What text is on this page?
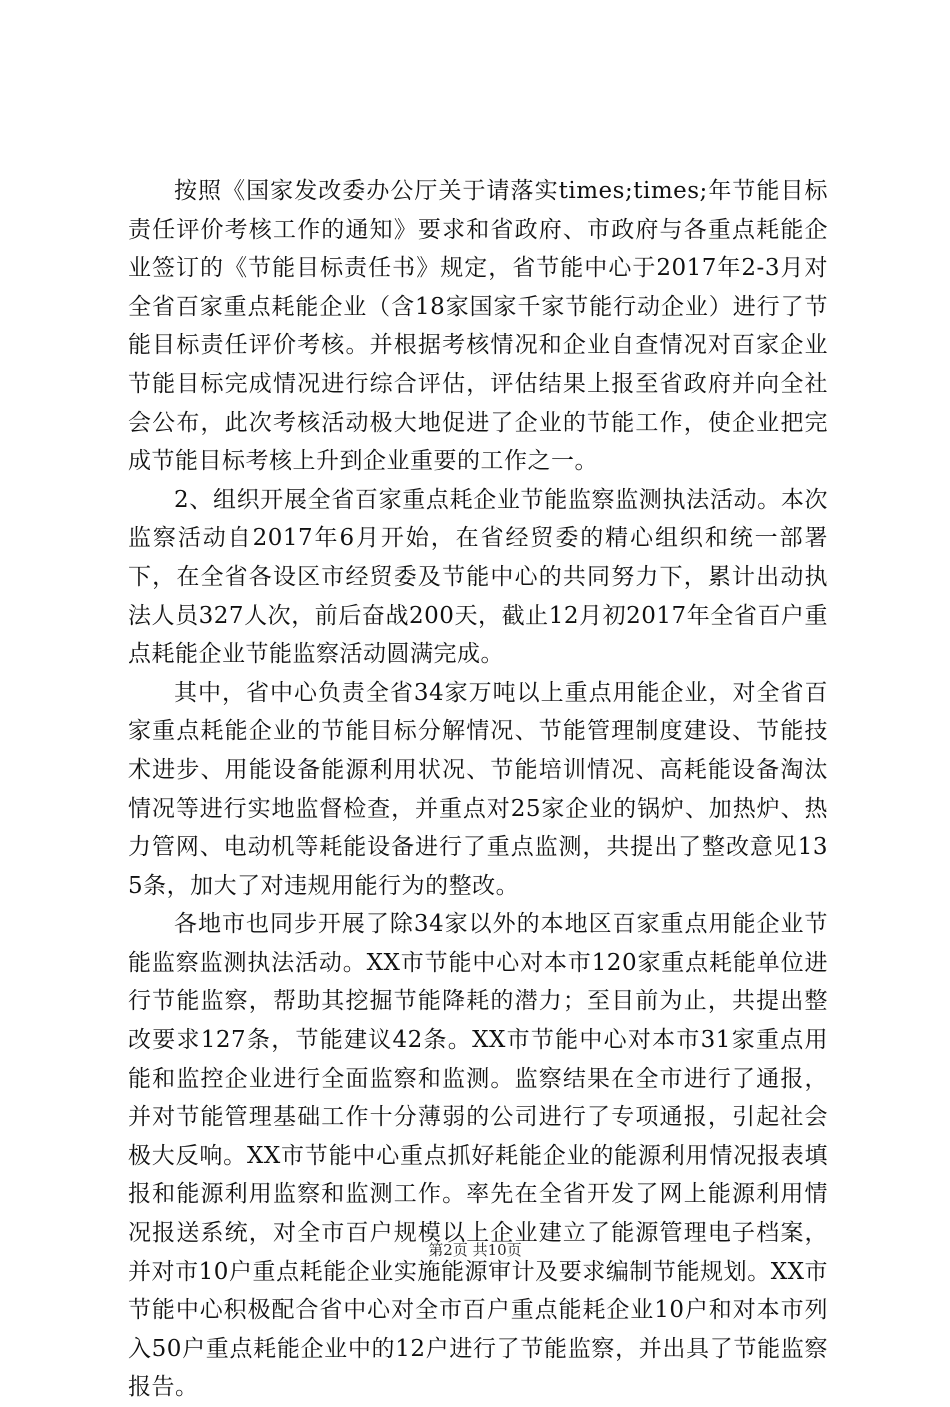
按照《国家发改委办公厅关于请落实times;times;年节能目标责任评价考核工作的通知》要求和省政府、市政府与各重点耗能企业签订的《节能目标责任书》规定，省节能中心于2017年2-3月对全省百家重点耗能企业（含18家国家千家节能行动企业）进行了节能目标责任评价考核。并根据考核情况和企业自查情况对百家企业节能目标完成情况进行综合评估，评估结果上报至省政府并向全社会公布，此次考核活动极大地促进了企业的节能工作，使企业把完成节能目标考核上升到企业重要的工作之一。

2、组织开展全省百家重点耗企业节能监察监测执法活动。本次监察活动自2017年6月开始，在省经贸委的精心组织和统一部署下，在全省各设区市经贸委及节能中心的共同努力下，累计出动执法人员327人次，前后奋战200天，截止12月初2017年全省百户重点耗能企业节能监察活动圆满完成。

其中，省中心负责全省34家万吨以上重点用能企业，对全省百家重点耗能企业的节能目标分解情况、节能管理制度建设、节能技术进步、用能设备能源利用状况、节能培训情况、高耗能设备淘汰情况等进行实地监督检查，并重点对25家企业的锅炉、加热炉、热力管网、电动机等耗能设备进行了重点监测，共提出了整改意见135条，加大了对违规用能行为的整改。

各地市也同步开展了除34家以外的本地区百家重点用能企业节能监察监测执法活动。XX市节能中心对本市120家重点耗能单位进行节能监察，帮助其挖掘节能降耗的潜力；至目前为止，共提出整改要求127条，节能建议42条。XX市节能中心对本市31家重点用能和监控企业进行全面监察和监测。监察结果在全市进行了通报，并对节能管理基础工作十分薄弱的公司进行了专项通报，引起社会极大反响。XX市节能中心重点抓好耗能企业的能源利用情况报表填报和能源利用监察和监测工作。率先在全省开发了网上能源利用情况报送系统，对全市百户规模以上企业建立了能源管理电子档案，并对市10户重点耗能企业实施能源审计及要求编制节能规划。XX市节能中心积极配合省中心对全市百户重点能耗企业10户和对本市列入50户重点耗能企业中的12户进行了节能监察，并出具了节能监察报告。

第2页 共10页
